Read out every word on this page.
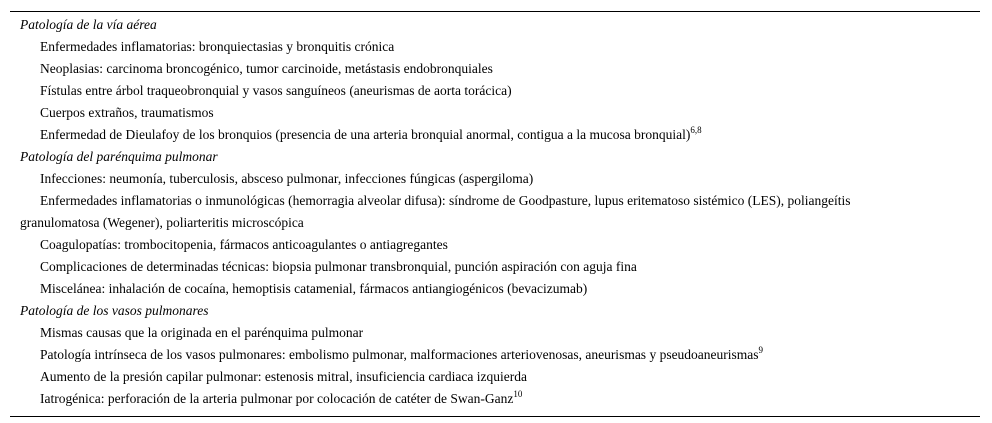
Patología de la vía aérea
Enfermedades inflamatorias: bronquiectasias y bronquitis crónica
Neoplasias: carcinoma broncogénico, tumor carcinoide, metástasis endobronquiales
Fístulas entre árbol traqueobronquial y vasos sanguíneos (aneurismas de aorta torácica)
Cuerpos extraños, traumatismos
Enfermedad de Dieulafoy de los bronquios (presencia de una arteria bronquial anormal, contigua a la mucosa bronquial)$^{6,8}$
Patología del parénquima pulmonar
Infecciones: neumonía, tuberculosis, absceso pulmonar, infecciones fúngicas (aspergiloma)
Enfermedades inflamatorias o inmunológicas (hemorragia alveolar difusa): síndrome de Goodpasture, lupus eritematoso sistémico (LES), poliangeítis granulomatosa (Wegener), poliarteritis microscópica
Coagulopatías: trombocitopenia, fármacos anticoagulantes o antiagregantes
Complicaciones de determinadas técnicas: biopsia pulmonar transbronquial, punción aspiración con aguja fina
Miscelánea: inhalación de cocaína, hemoptisis catamenial, fármacos antiangiogénicos (bevacizumab)
Patología de los vasos pulmonares
Mismas causas que la originada en el parénquima pulmonar
Patología intrínseca de los vasos pulmonares: embolismo pulmonar, malformaciones arteriovenosas, aneurismas y pseudoaneurismas$^9$
Aumento de la presión capilar pulmonar: estenosis mitral, insuficiencia cardiaca izquierda
Iatrogénica: perforación de la arteria pulmonar por colocación de catéter de Swan-Ganz$^{10}$
